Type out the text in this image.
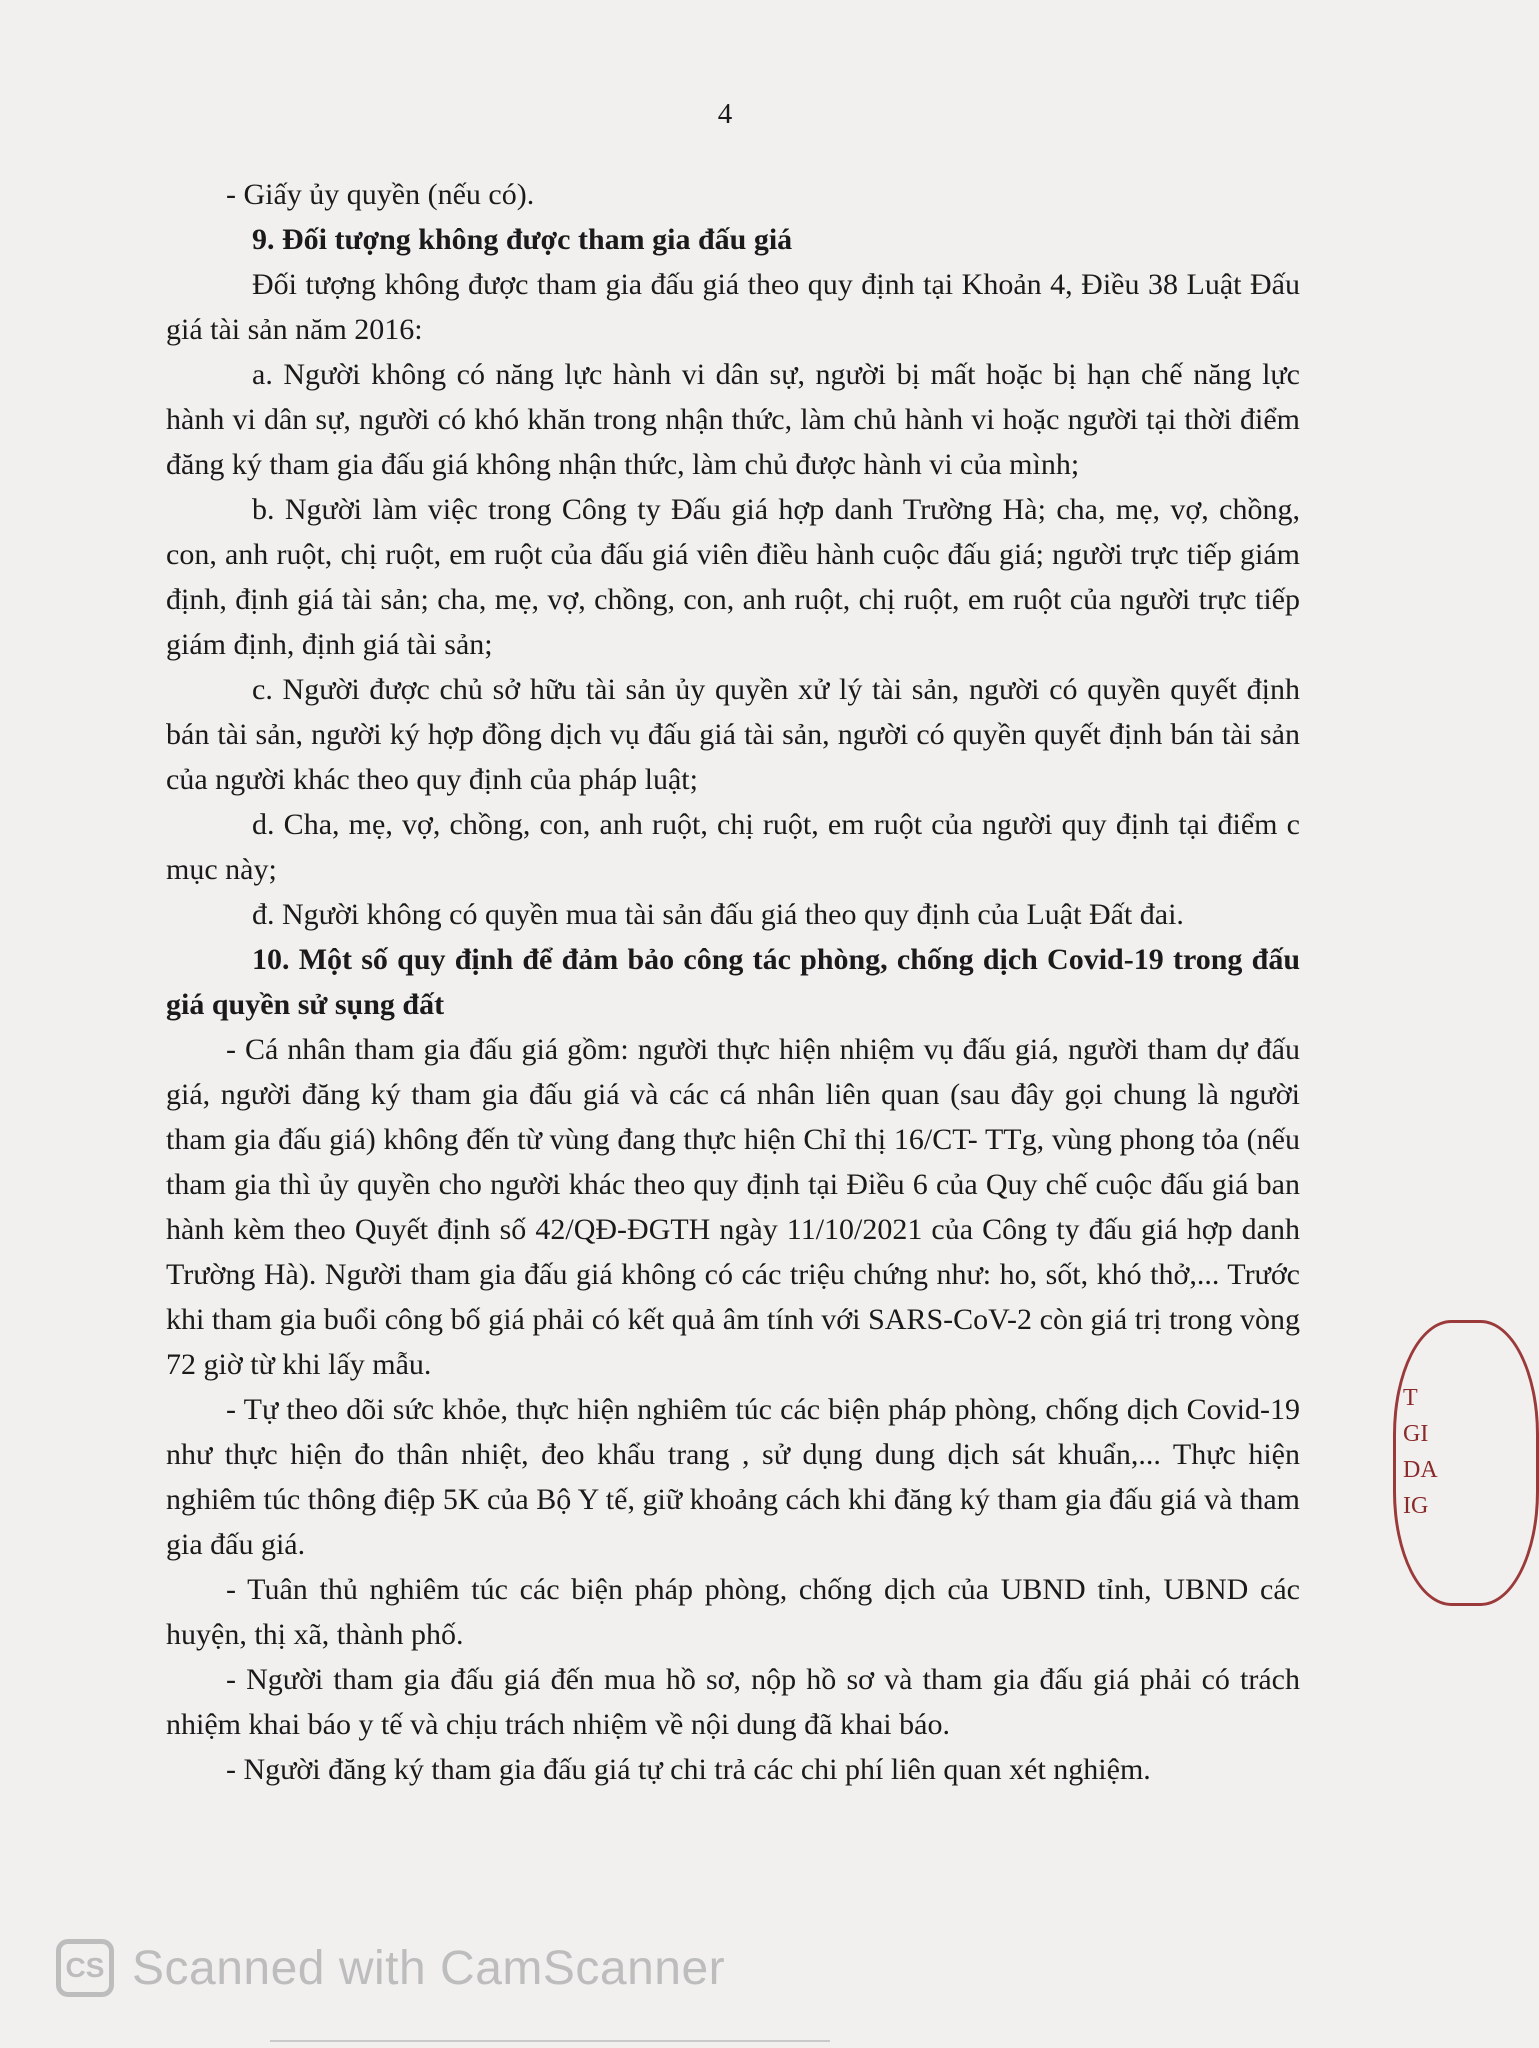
4

- Giấy ủy quyền (nếu có).

9. Đối tượng không được tham gia đấu giá

Đối tượng không được tham gia đấu giá theo quy định tại Khoản 4, Điều 38 Luật Đấu giá tài sản năm 2016:

a. Người không có năng lực hành vi dân sự, người bị mất hoặc bị hạn chế năng lực hành vi dân sự, người có khó khăn trong nhận thức, làm chủ hành vi hoặc người tại thời điểm đăng ký tham gia đấu giá không nhận thức, làm chủ được hành vi của mình;

b. Người làm việc trong Công ty Đấu giá hợp danh Trường Hà; cha, mẹ, vợ, chồng, con, anh ruột, chị ruột, em ruột của đấu giá viên điều hành cuộc đấu giá; người trực tiếp giám định, định giá tài sản; cha, mẹ, vợ, chồng, con, anh ruột, chị ruột, em ruột của người trực tiếp giám định, định giá tài sản;

c. Người được chủ sở hữu tài sản ủy quyền xử lý tài sản, người có quyền quyết định bán tài sản, người ký hợp đồng dịch vụ đấu giá tài sản, người có quyền quyết định bán tài sản của người khác theo quy định của pháp luật;

d. Cha, mẹ, vợ, chồng, con, anh ruột, chị ruột, em ruột của người quy định tại điểm c mục này;

đ. Người không có quyền mua tài sản đấu giá theo quy định của Luật Đất đai.

10. Một số quy định để đảm bảo công tác phòng, chống dịch Covid-19 trong đấu giá quyền sử sụng đất

- Cá nhân tham gia đấu giá gồm: người thực hiện nhiệm vụ đấu giá, người tham dự đấu giá, người đăng ký tham gia đấu giá và các cá nhân liên quan (sau đây gọi chung là người tham gia đấu giá) không đến từ vùng đang thực hiện Chỉ thị 16/CT- TTg, vùng phong tỏa (nếu tham gia thì ủy quyền cho người khác theo quy định tại Điều 6 của Quy chế cuộc đấu giá ban hành kèm theo Quyết định số 42/QĐ-ĐGTH ngày 11/10/2021 của Công ty đấu giá hợp danh Trường Hà). Người tham gia đấu giá không có các triệu chứng như: ho, sốt, khó thở,... Trước khi tham gia buổi công bố giá phải có kết quả âm tính với SARS-CoV-2 còn giá trị trong vòng 72 giờ từ khi lấy mẫu.

- Tự theo dõi sức khỏe, thực hiện nghiêm túc các biện pháp phòng, chống dịch Covid-19 như thực hiện đo thân nhiệt, đeo khẩu trang , sử dụng dung dịch sát khuẩn,... Thực hiện nghiêm túc thông điệp 5K của Bộ Y tế, giữ khoảng cách khi đăng ký tham gia đấu giá và tham gia đấu giá.

- Tuân thủ nghiêm túc các biện pháp phòng, chống dịch của UBND tỉnh, UBND các huyện, thị xã, thành phố.

- Người tham gia đấu giá đến mua hồ sơ, nộp hồ sơ và tham gia đấu giá phải có trách nhiệm khai báo y tế và chịu trách nhiệm về nội dung đã khai báo.

- Người đăng ký tham gia đấu giá tự chi trả các chi phí liên quan xét nghiệm.

T
GI
DA
IG
CS Scanned with CamScanner
